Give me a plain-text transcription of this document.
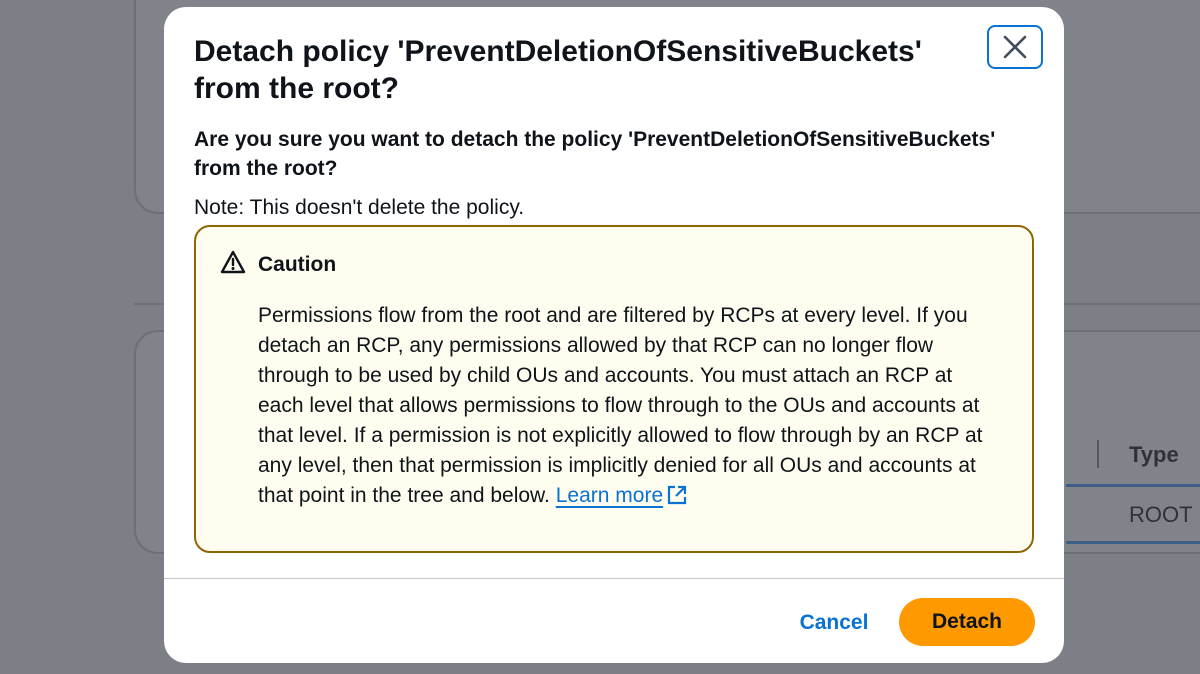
Type
ROOT
Detach policy 'PreventDeletionOfSensitiveBuckets' from the root?
Are you sure you want to detach the policy 'PreventDeletionOfSensitiveBuckets' from the root?
Note: This doesn't delete the policy.
Caution
Permissions flow from the root and are filtered by RCPs at every level. If you detach an RCP, any permissions allowed by that RCP can no longer flow through to be used by child OUs and accounts. You must attach an RCP at each level that allows permissions to flow through to the OUs and accounts at that level. If a permission is not explicitly allowed to flow through by an RCP at any level, then that permission is implicitly denied for all OUs and accounts at that point in the tree and below. Learn more
Cancel	Detach
